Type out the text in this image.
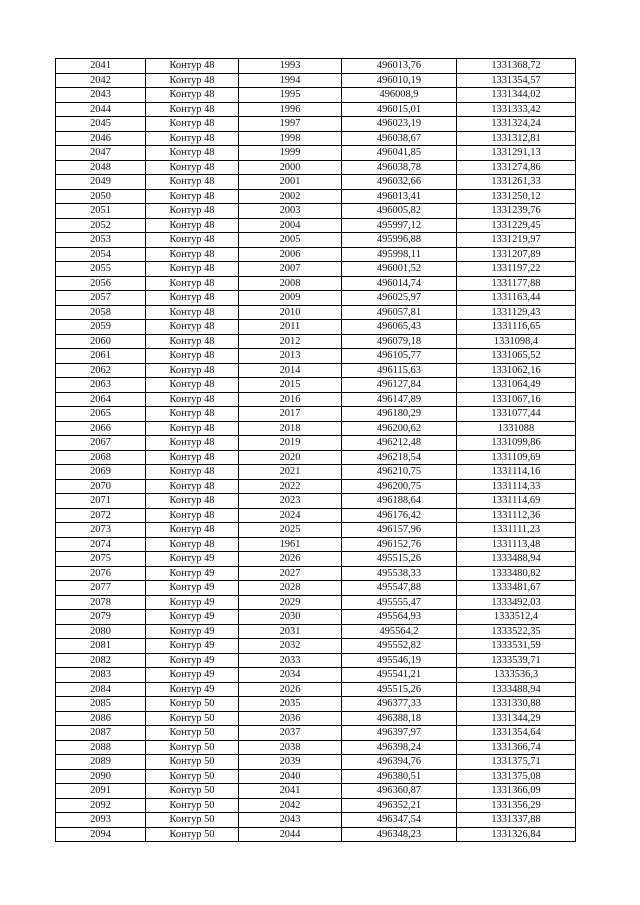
2041	Контур 48	1993	496013,76	1331368,72
2042	Контур 48	1994	496010,19	1331354,57
2043	Контур 48	1995	496008,9	1331344,02
2044	Контур 48	1996	496015,01	1331333,42
2045	Контур 48	1997	496023,19	1331324,24
2046	Контур 48	1998	496038,67	1331312,81
2047	Контур 48	1999	496041,85	1331291,13
2048	Контур 48	2000	496038,78	1331274,86
2049	Контур 48	2001	496032,66	1331261,33
2050	Контур 48	2002	496013,41	1331250,12
2051	Контур 48	2003	496005,82	1331239,76
2052	Контур 48	2004	495997,12	1331229,45
2053	Контур 48	2005	495996,88	1331219,97
2054	Контур 48	2006	495998,11	1331207,89
2055	Контур 48	2007	496001,52	1331197,22
2056	Контур 48	2008	496014,74	1331177,88
2057	Контур 48	2009	496025,97	1331163,44
2058	Контур 48	2010	496057,81	1331129,43
2059	Контур 48	2011	496065,43	1331116,65
2060	Контур 48	2012	496079,18	1331098,4
2061	Контур 48	2013	496105,77	1331065,52
2062	Контур 48	2014	496115,63	1331062,16
2063	Контур 48	2015	496127,84	1331064,49
2064	Контур 48	2016	496147,89	1331067,16
2065	Контур 48	2017	496180,29	1331077,44
2066	Контур 48	2018	496200,62	1331088
2067	Контур 48	2019	496212,48	1331099,86
2068	Контур 48	2020	496218,54	1331109,69
2069	Контур 48	2021	496210,75	1331114,16
2070	Контур 48	2022	496200,75	1331114,33
2071	Контур 48	2023	496188,64	1331114,69
2072	Контур 48	2024	496176,42	1331112,36
2073	Контур 48	2025	496157,96	1331111,23
2074	Контур 48	1961	496152,76	1331113,48
2075	Контур 49	2026	495515,26	1333488,94
2076	Контур 49	2027	495538,33	1333480,82
2077	Контур 49	2028	495547,88	1333481,67
2078	Контур 49	2029	495555,47	1333492,03
2079	Контур 49	2030	495564,93	1333512,4
2080	Контур 49	2031	495564,2	1333522,35
2081	Контур 49	2032	495552,82	1333531,59
2082	Контур 49	2033	495546,19	1333539,71
2083	Контур 49	2034	495541,21	1333536,3
2084	Контур 49	2026	495515,26	1333488,94
2085	Контур 50	2035	496377,33	1331330,88
2086	Контур 50	2036	496388,18	1331344,29
2087	Контур 50	2037	496397,97	1331354,64
2088	Контур 50	2038	496398,24	1331366,74
2089	Контур 50	2039	496394,76	1331375,71
2090	Контур 50	2040	496380,51	1331375,08
2091	Контур 50	2041	496360,87	1331366,09
2092	Контур 50	2042	496352,21	1331356,29
2093	Контур 50	2043	496347,54	1331337,88
2094	Контур 50	2044	496348,23	1331326,84
